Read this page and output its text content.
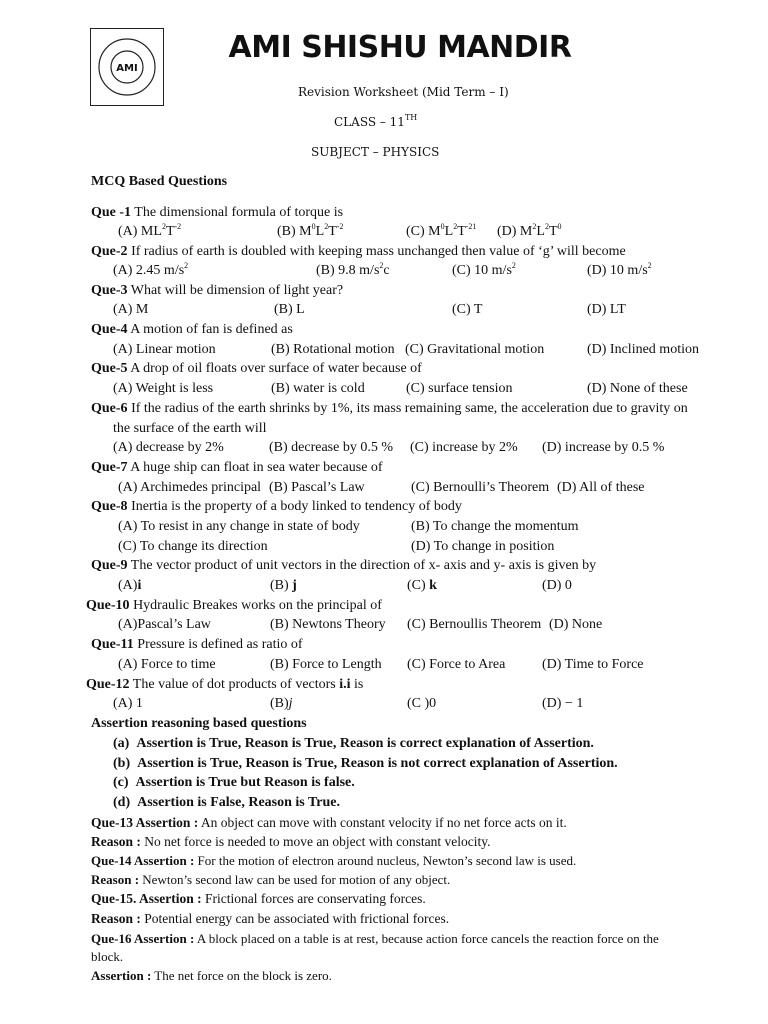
AMI
AMI SHISHU MANDIR
Revision Worksheet (Mid Term – I)
CLASS – 11TH
SUBJECT – PHYSICS
MCQ Based Questions
Que -1 The dimensional formula of torque is
(A) $ML^2T^{-2}$	(B) $M^0L^2T^{-2}$	(C) $M^0L^2T^{-21}$ (D) $M^2L^2T^0$
Que-2 If radius of earth is doubled with keeping mass unchanged then value of ‘g’ will become
(A) 2.45 $m/s^2$	(B) 9.8 $m/s^2c$	(C) 10 $m/s^2$	(D) 10 $m/s^2$
Que-3 What will be dimension of light year?
(A) M	(B) L	(C) T	(D) LT
Que-4 A motion of fan is defined as
(A) Linear motion	(B) Rotational motion (C) Gravitational motion	(D) Inclined motion
Que-5 A drop of oil floats over surface of water because of
(A) Weight is less	(B) water is cold	(C) surface tension	(D) None of these
Que-6 If the radius of the earth shrinks by 1%, its mass remaining same, the acceleration due to gravity on
the surface of the earth will
(A) decrease by 2%	(B) decrease by 0.5 % (C) increase by 2% (D) increase by 0.5 %
Que-7 A huge ship can float in sea water because of
(A) Archimedes principal (B) Pascal’s Law	(C) Bernoulli’s Theorem (D) All of these
Que-8 Inertia is the property of a body linked to tendency of body
(A) To resist in any change in state of body	(B) To change the momentum
(C) To change its direction	(D) To change in position
Que-9 The vector product of unit vectors in the direction of x- axis and y- axis is given by
(A)i	(B) j	(C) k	(D) 0
Que-10 Hydraulic Breakes works on the principal of
(A)Pascal’s Law	(B) Newtons Theory (C) Bernoullis Theorem (D) None
Que-11 Pressure is defined as ratio of
(A) Force to time	(B) Force to Length (C) Force to Area	(D) Time to Force
Que-12 The value of dot products of vectors i.i is
(A) 1	(B)j	(C )0	(D) − 1
Assertion reasoning based questions
(a) Assertion is True, Reason is True, Reason is correct explanation of Assertion.
(b) Assertion is True, Reason is True, Reason is not correct explanation of Assertion.
(c) Assertion is True but Reason is false.
(d) Assertion is False, Reason is True.
Que-13 Assertion : An object can move with constant velocity if no net force acts on it.
Reason : No net force is needed to move an object with constant velocity.
Que-14 Assertion : For the motion of electron around nucleus, Newton’s second law is used.
Reason : Newton’s second law can be used for motion of any object.
Que-15. Assertion : Frictional forces are conservating forces.
Reason : Potential energy can be associated with frictional forces.
Que-16 Assertion : A block placed on a table is at rest, because action force cancels the reaction force on the
block.
Assertion : The net force on the block is zero.
